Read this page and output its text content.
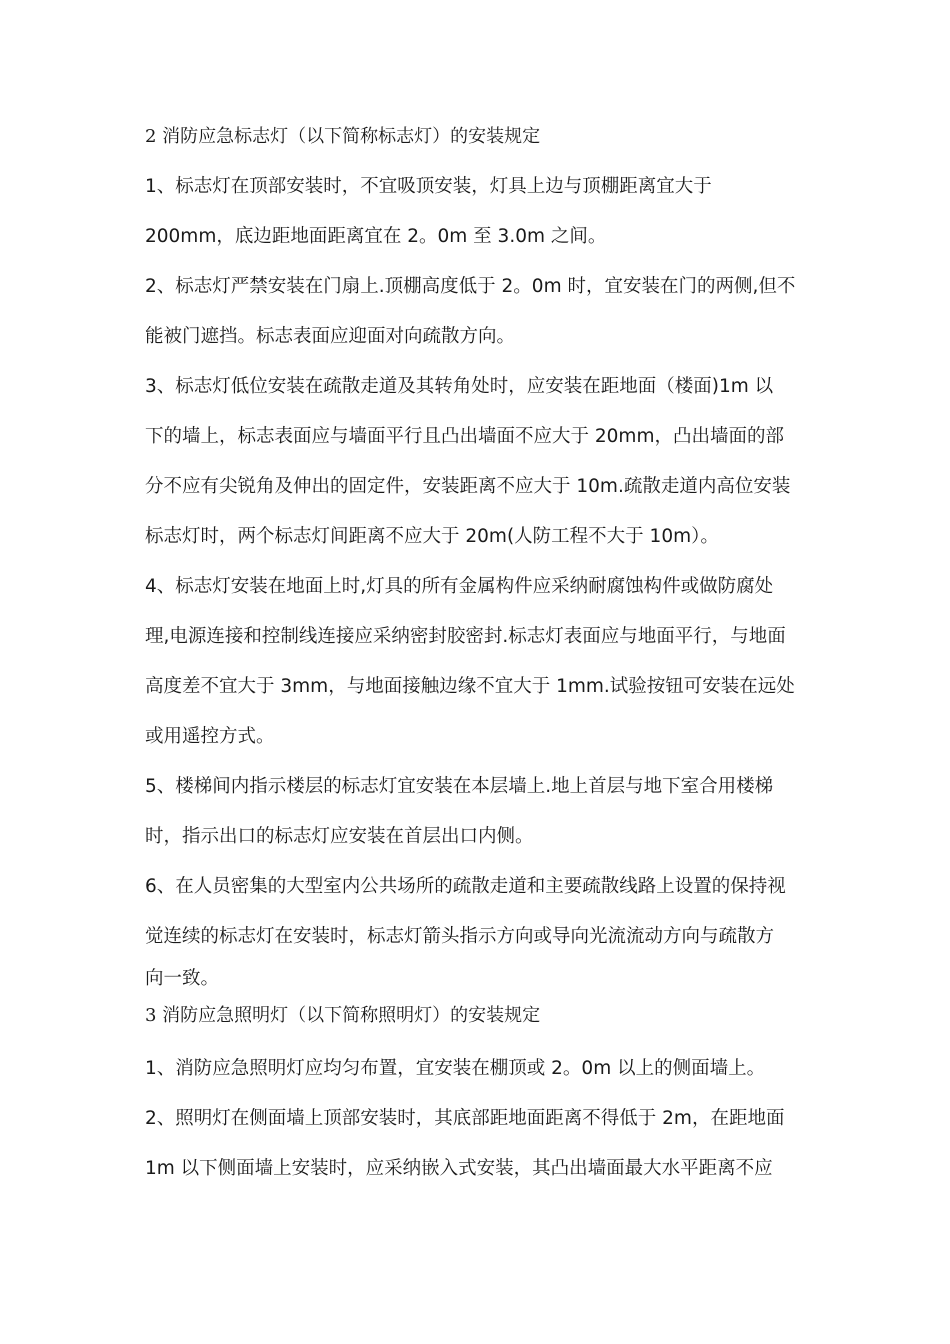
2 消防应急标志灯（以下简称标志灯）的安装规定
1、标志灯在顶部安装时，不宜吸顶安装，灯具上边与顶棚距离宜大于
200mm，底边距地面距离宜在 2。0m 至 3.0m 之间。
2、标志灯严禁安装在门扇上.顶棚高度低于 2。0m 时，宜安装在门的两侧,但不
能被门遮挡。标志表面应迎面对向疏散方向。
3、标志灯低位安装在疏散走道及其转角处时，应安装在距地面（楼面)1m 以
下的墙上，标志表面应与墙面平行且凸出墙面不应大于 20mm，凸出墙面的部
分不应有尖锐角及伸出的固定件，安装距离不应大于 10m.疏散走道内高位安装
标志灯时，两个标志灯间距离不应大于 20m(人防工程不大于 10m）。
4、标志灯安装在地面上时,灯具的所有金属构件应采纳耐腐蚀构件或做防腐处
理,电源连接和控制线连接应采纳密封胶密封.标志灯表面应与地面平行，与地面
高度差不宜大于 3mm，与地面接触边缘不宜大于 1mm.试验按钮可安装在远处
或用遥控方式。
5、楼梯间内指示楼层的标志灯宜安装在本层墙上.地上首层与地下室合用楼梯
时，指示出口的标志灯应安装在首层出口内侧。
6、在人员密集的大型室内公共场所的疏散走道和主要疏散线路上设置的保持视
觉连续的标志灯在安装时，标志灯箭头指示方向或导向光流流动方向与疏散方
向一致。
3 消防应急照明灯（以下简称照明灯）的安装规定
1、消防应急照明灯应均匀布置，宜安装在棚顶或 2。0m 以上的侧面墙上。
2、照明灯在侧面墙上顶部安装时，其底部距地面距离不得低于 2m，在距地面
1m 以下侧面墙上安装时，应采纳嵌入式安装，其凸出墙面最大水平距离不应
